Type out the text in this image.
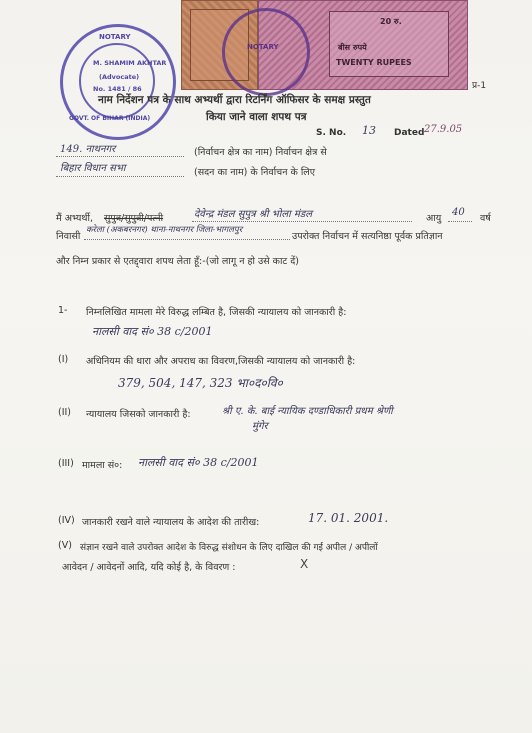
20 रु.
बीस रुपये
TWENTY RUPEES
NOTARY
M. SHAMIM AKHTAR
(Advocate)
No. 1481 / 86
GOVT. OF BIHAR (INDIA)
NOTARY
प्र-1
नाम निर्देशन पत्र के साथ अभ्यर्थी द्वारा रिटर्निंग ऑफिसर के समक्ष प्रस्तुत
किया जाने वाला शपथ पत्र
S. No. 13 Dated 27.9.05
149. नाथनगर	(निर्वाचन क्षेत्र का नाम) निर्वाचन क्षेत्र से
बिहार विधान सभा	(सदन का नाम) के निर्वाचन के लिए
मैं अभ्यर्थी, सुपुत्र/सुपुत्री/पत्नी	देवेन्द्र मंडल सुपुत्र श्री भोला मंडल	आयु
40
वर्ष
निवासी
करेला (अकबरनगर) थाना-नाथनगर जिला-भागलपुर
उपरोक्त निर्वाचन में सत्यनिष्ठा पूर्वक प्रतिज्ञान
और निम्न प्रकार से एतद्द्वारा शपथ लेता हूँ:-(जो लागू न हो उसे काट दें)
1- निम्नलिखित मामला मेरे विरुद्ध लम्बित है, जिसकी न्यायालय को जानकारी है:
नालसी वाद सं० 38 c/2001
(I) अधिनियम की धारा और अपराध का विवरण,जिसकी न्यायालय को जानकारी है:
379, 504, 147, 323 भा०द०वि०
(II) न्यायालय जिसको जानकारी है:	श्री ए. के. बाई न्यायिक दण्डाधिकारी प्रथम श्रेणी
मुंगेर
(III) मामला सं०: नालसी वाद सं० 38 c/2001
(IV) जानकारी रखने वाले न्यायालय के आदेश की तारीख:	17. 01. 2001.
(V) संज्ञान रखने वाले उपरोक्त आदेश के विरुद्ध संशोधन के लिए दाखिल की गई अपील / अपीलों
आवेदन / आवेदनों आदि, यदि कोई है, के विवरण :	X
